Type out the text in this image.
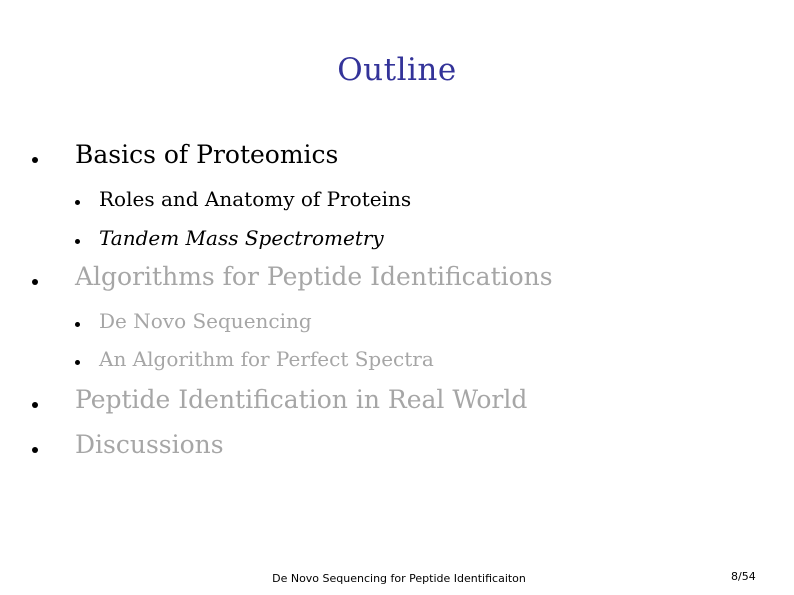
Outline
Basics of Proteomics
Roles and Anatomy of Proteins
Tandem Mass Spectrometry
Algorithms for Peptide Identifications
De Novo Sequencing
An Algorithm for Perfect Spectra
Peptide Identification in Real World
Discussions
De Novo Sequencing for Peptide Identificaiton	8/54
